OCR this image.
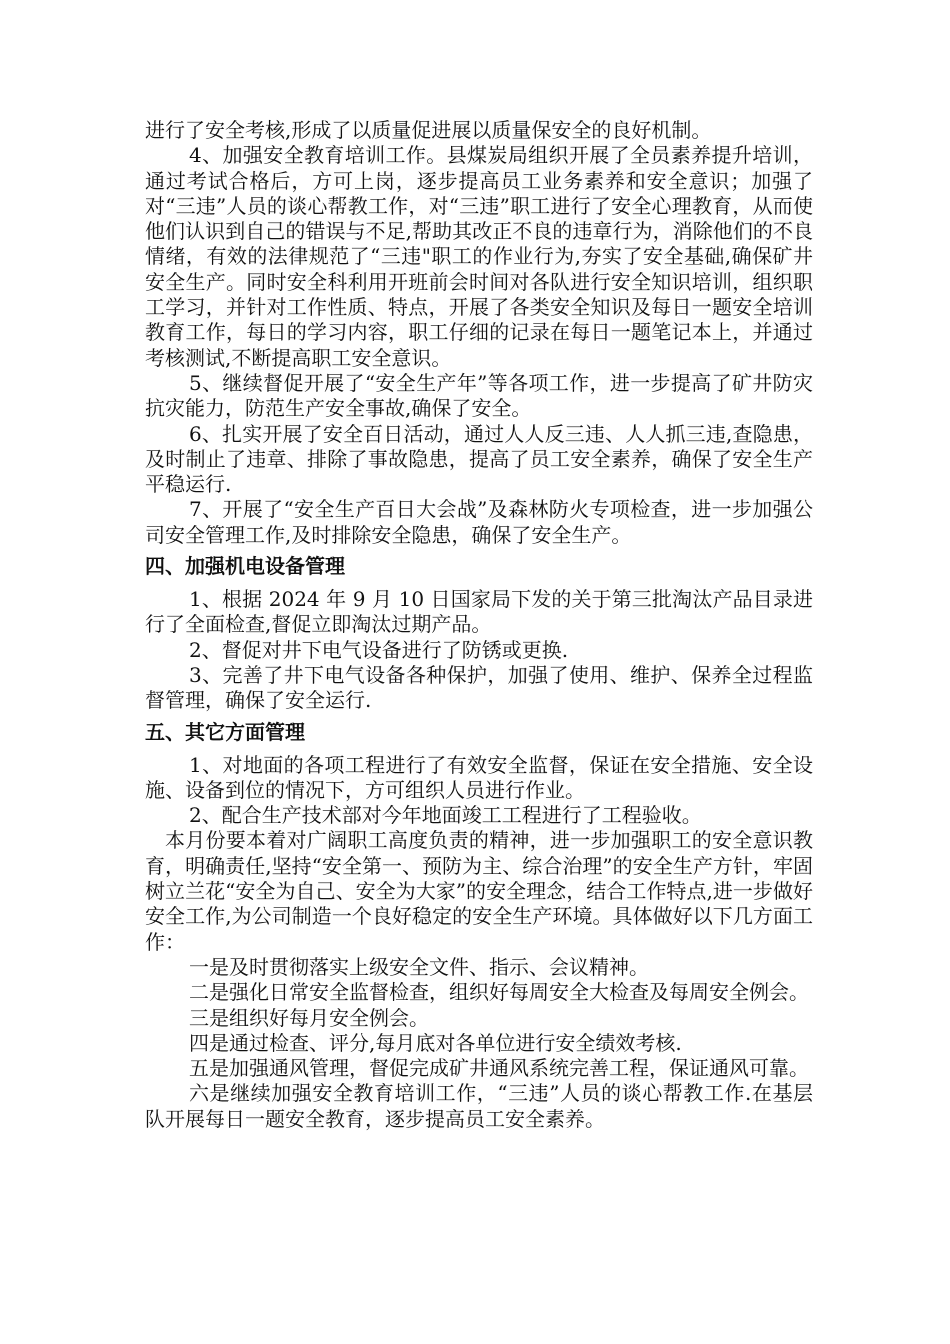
进行了安全考核,形成了以质量促进展以质量保安全的良好机制。

4、加强安全教育培训工作。县煤炭局组织开展了全员素养提升培训，通过考试合格后，方可上岗，逐步提高员工业务素养和安全意识；加强了对“三违”人员的谈心帮教工作，对“三违”职工进行了安全心理教育，从而使他们认识到自己的错误与不足,帮助其改正不良的违章行为，消除他们的不良情绪，有效的法律规范了“三违"职工的作业行为,夯实了安全基础,确保矿井安全生产。同时安全科利用开班前会时间对各队进行安全知识培训，组织职工学习，并针对工作性质、特点，开展了各类安全知识及每日一题安全培训教育工作，每日的学习内容，职工仔细的记录在每日一题笔记本上，并通过考核测试,不断提高职工安全意识。

5、继续督促开展了“安全生产年”等各项工作，进一步提高了矿井防灾抗灾能力，防范生产安全事故,确保了安全。

6、扎实开展了安全百日活动，通过人人反三违、人人抓三违,查隐患，及时制止了违章、排除了事故隐患，提高了员工安全素养，确保了安全生产平稳运行.

7、开展了“安全生产百日大会战”及森林防火专项检查，进一步加强公司安全管理工作,及时排除安全隐患，确保了安全生产。

四、加强机电设备管理

1、根据 2024 年 9 月 10 日国家局下发的关于第三批淘汰产品目录进行了全面检查,督促立即淘汰过期产品。

2、督促对井下电气设备进行了防锈或更换.

3、完善了井下电气设备各种保护，加强了使用、维护、保养全过程监督管理，确保了安全运行.

五、其它方面管理

1、对地面的各项工程进行了有效安全监督，保证在安全措施、安全设施、设备到位的情况下，方可组织人员进行作业。

2、配合生产技术部对今年地面竣工工程进行了工程验收。

本月份要本着对广阔职工高度负责的精神，进一步加强职工的安全意识教育，明确责任,坚持“安全第一、预防为主、综合治理”的安全生产方针，牢固树立兰花“安全为自己、安全为大家”的安全理念，结合工作特点,进一步做好安全工作,为公司制造一个良好稳定的安全生产环境。具体做好以下几方面工作：

一是及时贯彻落实上级安全文件、指示、会议精神。

二是强化日常安全监督检查，组织好每周安全大检查及每周安全例会。

三是组织好每月安全例会。

四是通过检查、评分,每月底对各单位进行安全绩效考核.

五是加强通风管理，督促完成矿井通风系统完善工程，保证通风可靠。

六是继续加强安全教育培训工作，“三违”人员的谈心帮教工作.在基层队开展每日一题安全教育，逐步提高员工安全素养。
